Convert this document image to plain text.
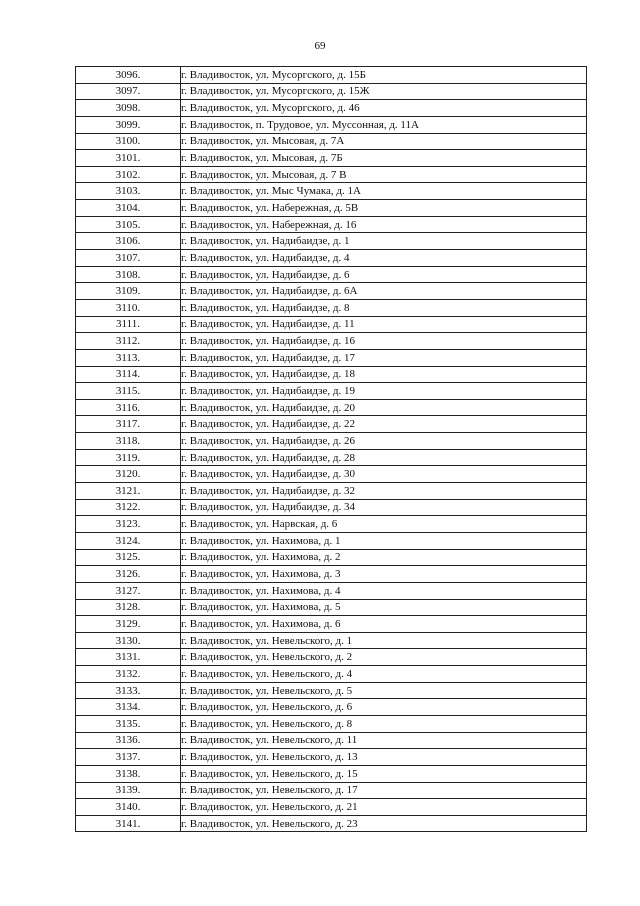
69
3096.	г. Владивосток, ул. Мусоргского, д. 15Б
3097.	г. Владивосток, ул. Мусоргского, д. 15Ж
3098.	г. Владивосток, ул. Мусоргского, д. 46
3099.	г. Владивосток, п. Трудовое, ул. Муссонная, д. 11А
3100.	г. Владивосток, ул. Мысовая, д. 7А
3101.	г. Владивосток, ул. Мысовая, д. 7Б
3102.	г. Владивосток, ул. Мысовая, д. 7 В
3103.	г. Владивосток, ул. Мыс Чумака, д. 1А
3104.	г. Владивосток, ул. Набережная, д. 5В
3105.	г. Владивосток, ул. Набережная, д. 16
3106.	г. Владивосток, ул. Надибаидзе, д. 1
3107.	г. Владивосток, ул. Надибаидзе, д. 4
3108.	г. Владивосток, ул. Надибаидзе, д. 6
3109.	г. Владивосток, ул. Надибаидзе, д. 6А
3110.	г. Владивосток, ул. Надибаидзе, д. 8
3111.	г. Владивосток, ул. Надибаидзе, д. 11
3112.	г. Владивосток, ул. Надибаидзе, д. 16
3113.	г. Владивосток, ул. Надибаидзе, д. 17
3114.	г. Владивосток, ул. Надибаидзе, д. 18
3115.	г. Владивосток, ул. Надибаидзе, д. 19
3116.	г. Владивосток, ул. Надибаидзе, д. 20
3117.	г. Владивосток, ул. Надибаидзе, д. 22
3118.	г. Владивосток, ул. Надибаидзе, д. 26
3119.	г. Владивосток, ул. Надибаидзе, д. 28
3120.	г. Владивосток, ул. Надибаидзе, д. 30
3121.	г. Владивосток, ул. Надибаидзе, д. 32
3122.	г. Владивосток, ул. Надибаидзе, д. 34
3123.	г. Владивосток, ул. Нарвская, д. 6
3124.	г. Владивосток, ул. Нахимова, д. 1
3125.	г. Владивосток, ул. Нахимова, д. 2
3126.	г. Владивосток, ул. Нахимова, д. 3
3127.	г. Владивосток, ул. Нахимова, д. 4
3128.	г. Владивосток, ул. Нахимова, д. 5
3129.	г. Владивосток, ул. Нахимова, д. 6
3130.	г. Владивосток, ул. Невельского, д. 1
3131.	г. Владивосток, ул. Невельского, д. 2
3132.	г. Владивосток, ул. Невельского, д. 4
3133.	г. Владивосток, ул. Невельского, д. 5
3134.	г. Владивосток, ул. Невельского, д. 6
3135.	г. Владивосток, ул. Невельского, д. 8
3136.	г. Владивосток, ул. Невельского, д. 11
3137.	г. Владивосток, ул. Невельского, д. 13
3138.	г. Владивосток, ул. Невельского, д. 15
3139.	г. Владивосток, ул. Невельского, д. 17
3140.	г. Владивосток, ул. Невельского, д. 21
3141.	г. Владивосток, ул. Невельского, д. 23
